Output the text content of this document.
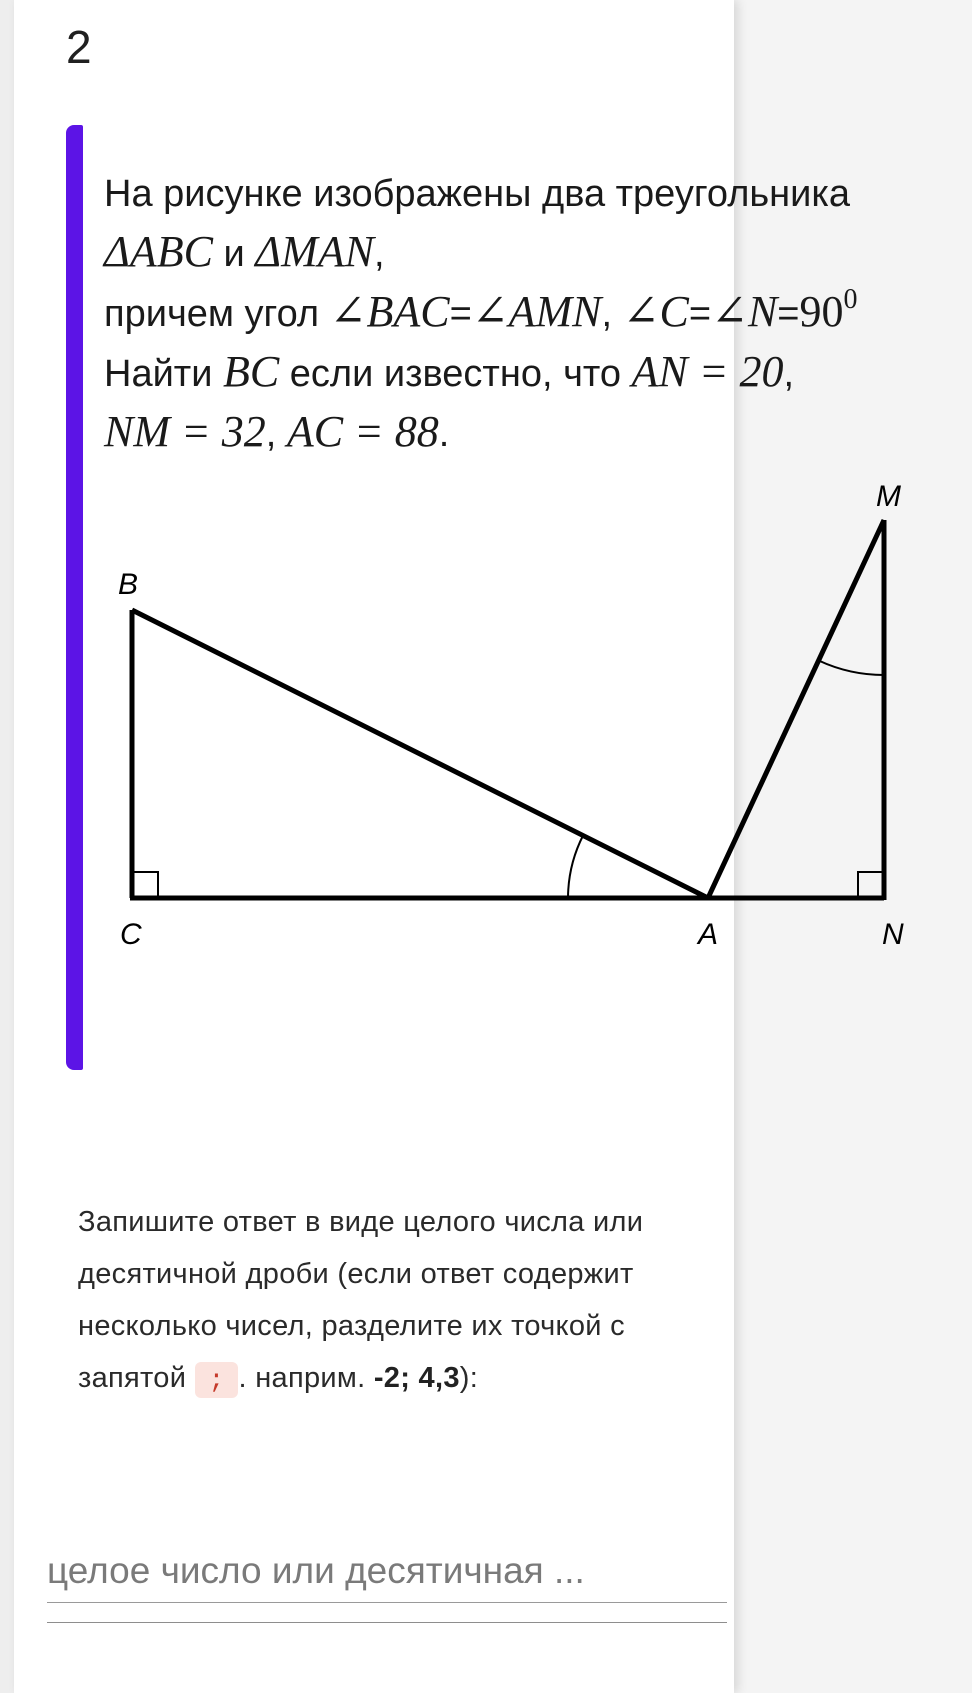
2
На рисунке изображены два треугольника
ΔABC и ΔMAN,
причем угол ∠BAC=∠AMN, $\angle C=\angle N=90^0$
Найти BC если известно, что AN = 20,
NM = 32, AC = 88.
B
C	A	N
M
Запишите ответ в виде целого числа или десятичной дроби (если ответ содержит несколько чисел, разделите их точкой с запятой ; . наприм. -2; 4,3):
целое число или десятичная ...
